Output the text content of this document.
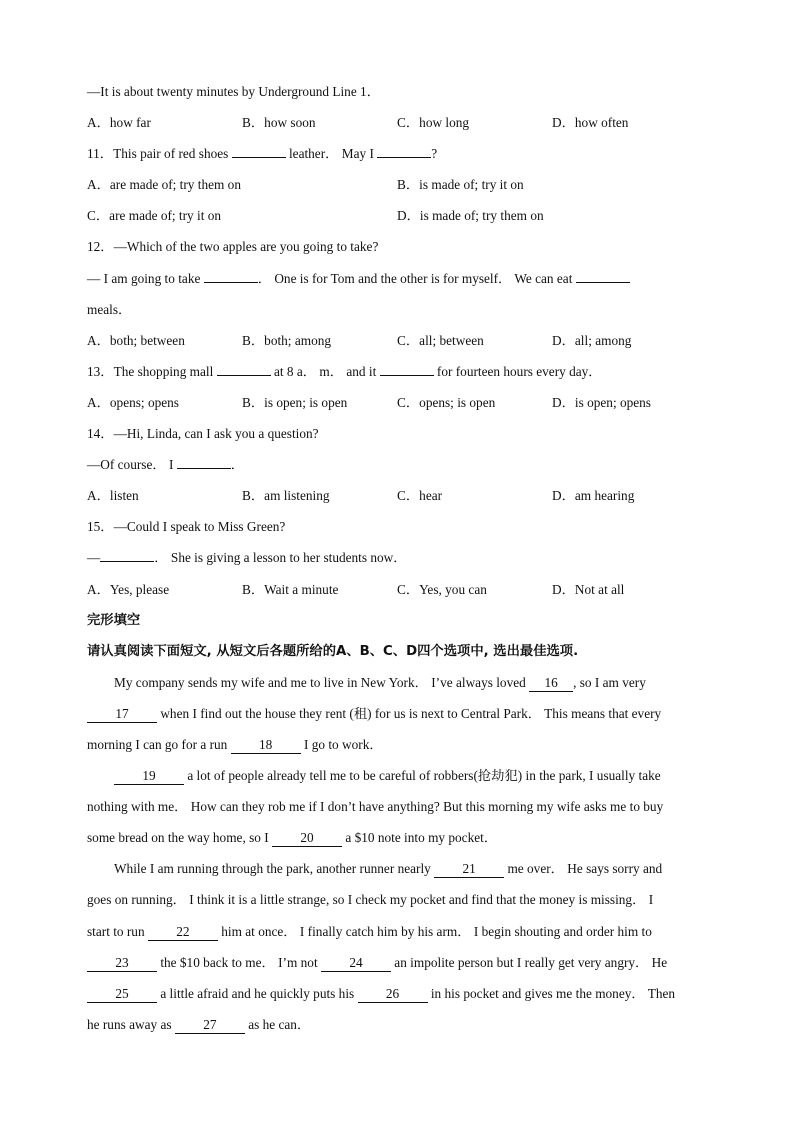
—It is about twenty minutes by Underground Line 1．
A．how far	B．how soon	C．how long	D．how often
11．This pair of red shoes	leather． May I	?
A．are made of; try them on	B．is made of; try it on
C．are made of; try it on	D．is made of; try them on
12．—Which of the two apples are you going to take?
— I am going to take	． One is for Tom and the other is for myself． We can eat
meals．
A．both; between	B．both; among	C．all; between	D．all; among
13．The shopping mall	at 8 a． m． and it	for fourteen hours every day．
A．opens; opens	B．is open; is open	C．opens; is open	D．is open; opens
14．—Hi, Linda, can I ask you a question?
—Of course． I	．
A．listen	B．am listening	C．hear	D．am hearing
15．—Could I speak to Miss Green?
—	． She is giving a lesson to her students now．
A．Yes, please	B．Wait a minute	C．Yes, you can	D．Not at all
完形填空
请认真阅读下面短文, 从短文后各题所给的A、B、C、D四个选项中, 选出最佳选项.
My company sends my wife and me to live in New York． I’ve always loved 16 , so I am very
17 when I find out the house they rent (租) for us is next to Central Park． This means that every
morning I can go for a run 18 I go to work．
19 a lot of people already tell me to be careful of robbers(抢劫犯) in the park, I usually take
nothing with me． How can they rob me if I don’t have anything? But this morning my wife asks me to buy
some bread on the way home, so I 20 a $10 note into my pocket．
While I am running through the park, another runner nearly 21 me over． He says sorry and
goes on running． I think it is a little strange, so I check my pocket and find that the money is missing． I
start to run 22 him at once． I finally catch him by his arm． I begin shouting and order him to
23 the $10 back to me． I’m not 24 an impolite person but I really get very angry． He
25 a little afraid and he quickly puts his 26 in his pocket and gives me the money． Then
he runs away as 27 as he can．
